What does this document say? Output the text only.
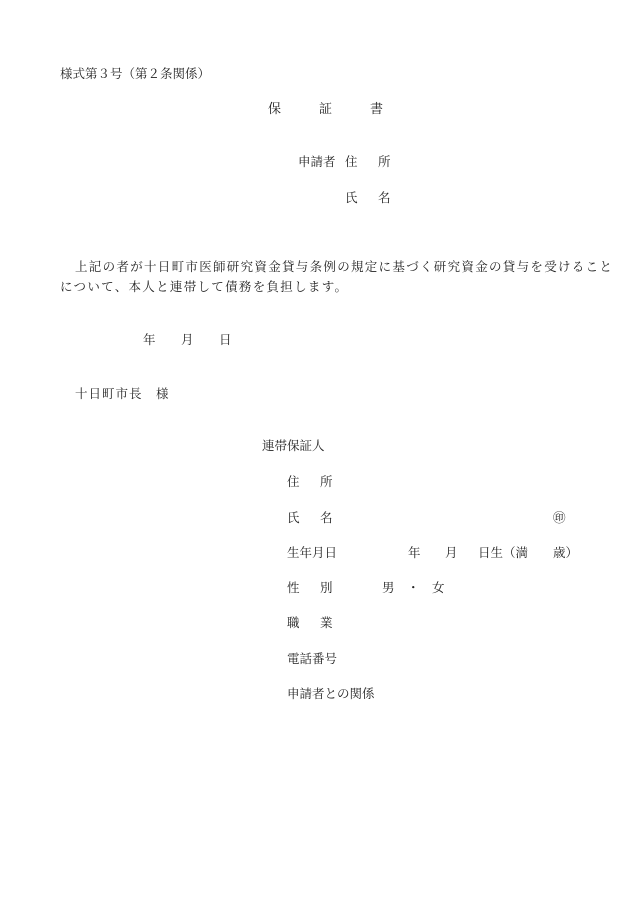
様式第３号（第２条関係）
保　　証　　書
申請者 住　所
氏　名
上記の者が十日町市医師研究資金貸与条例の規定に基づく研究資金の貸与を受けること
について、本人と連帯して債務を負担します。
年 月 日
十日町市長　様
連帯保証人
住　所
氏　名	㊞
生年月日	年 月 日生（満　　歳）
性　別	男　・　女
職　業
電話番号
申請者との関係
